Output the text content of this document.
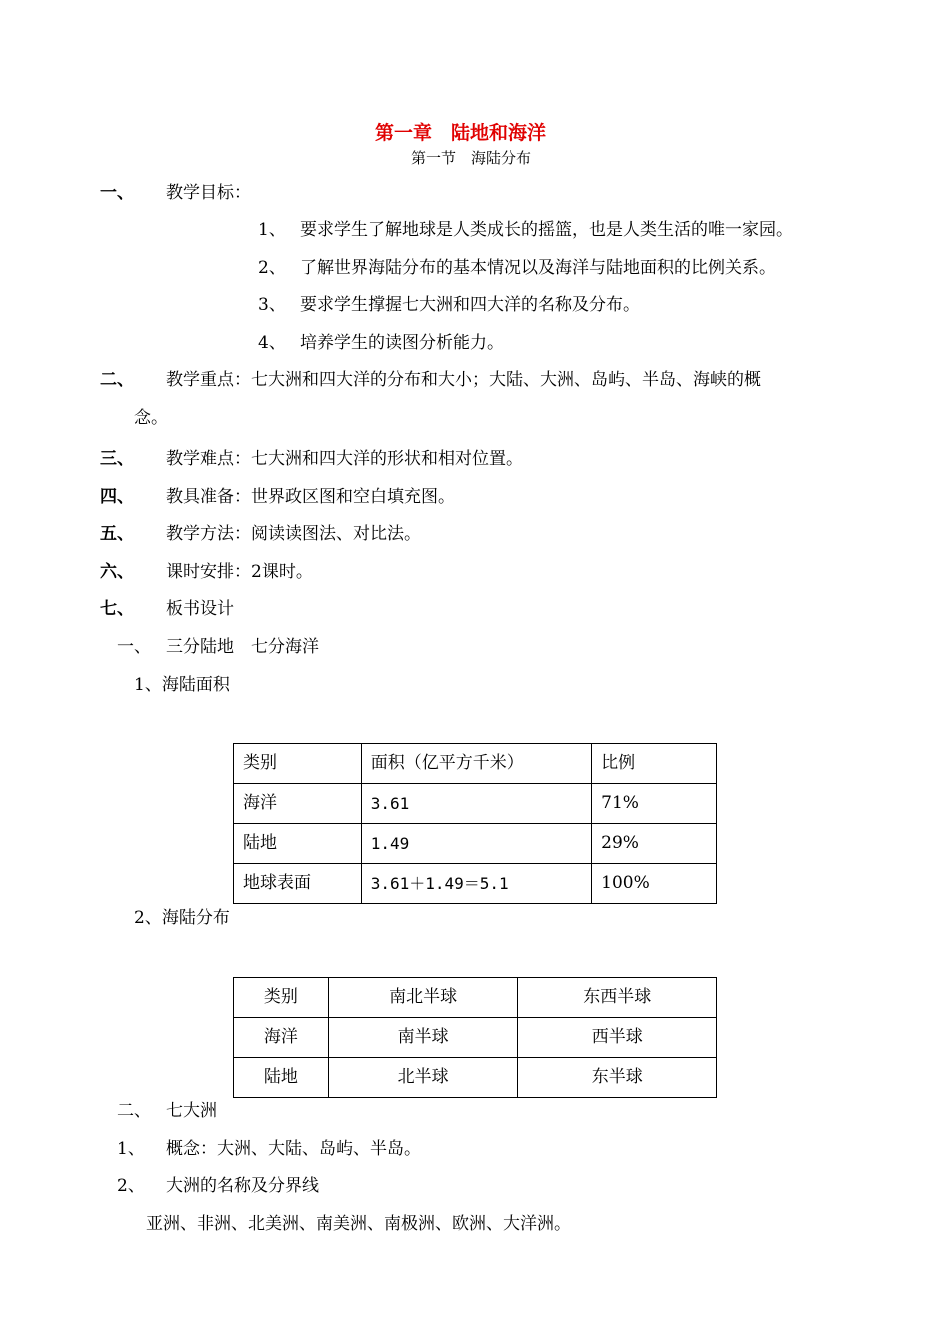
第一章　陆地和海洋
第一节　海陆分布
一、 教学目标：
1、 要求学生了解地球是人类成长的摇篮，也是人类生活的唯一家园。
2、 了解世界海陆分布的基本情况以及海洋与陆地面积的比例关系。
3、 要求学生撑握七大洲和四大洋的名称及分布。
4、 培养学生的读图分析能力。
二、 教学重点：七大洲和四大洋的分布和大小；大陆、大洲、岛屿、半岛、海峡的概
念。
三、 教学难点：七大洲和四大洋的形状和相对位置。
四、 教具准备：世界政区图和空白填充图。
五、 教学方法：阅读读图法、对比法。
六、 课时安排：2课时。
七、 板书设计
一、 三分陆地　七分海洋
1、海陆面积
类别	面积（亿平方千米）	比例
海洋	3.61	71%
陆地	1.49	29%
地球表面	3.61＋1.49＝5.1	100%
2、海陆分布
类别	南北半球	东西半球
海洋	南半球	西半球
陆地	北半球	东半球
二、 七大洲
1、 概念：大洲、大陆、岛屿、半岛。
2、 大洲的名称及分界线
亚洲、非洲、北美洲、南美洲、南极洲、欧洲、大洋洲。
